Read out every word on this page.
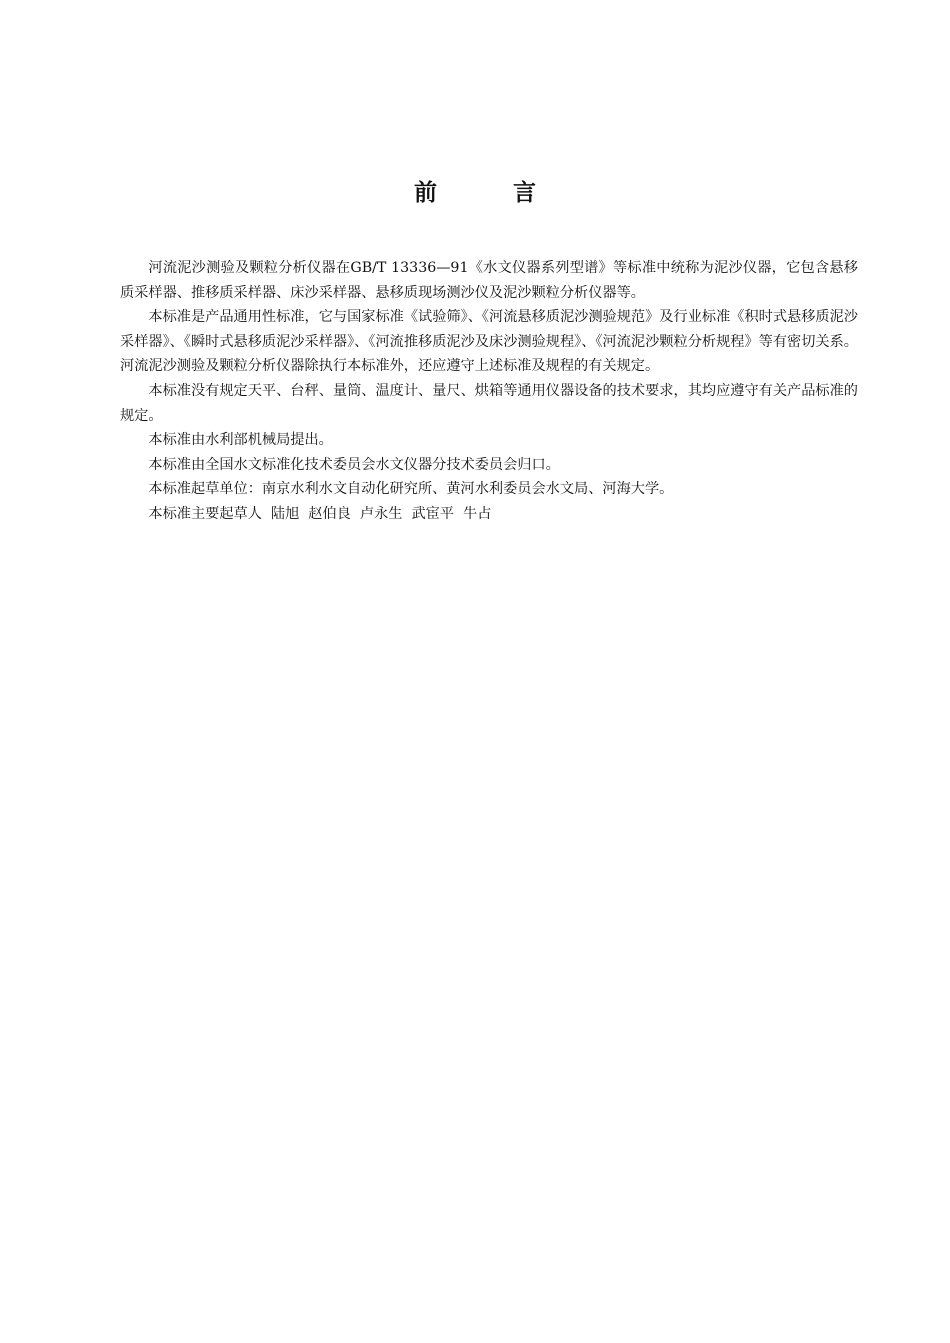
前言

河流泥沙测验及颗粒分析仪器在GB/T 13336—91《水文仪器系列型谱》等标准中统称为泥沙仪器，它包含悬移质采样器、推移质采样器、床沙采样器、悬移质现场测沙仪及泥沙颗粒分析仪器等。

本标准是产品通用性标准，它与国家标准《试验筛》、《河流悬移质泥沙测验规范》及行业标准《积时式悬移质泥沙采样器》、《瞬时式悬移质泥沙采样器》、《河流推移质泥沙及床沙测验规程》、《河流泥沙颗粒分析规程》等有密切关系。河流泥沙测验及颗粒分析仪器除执行本标准外，还应遵守上述标准及规程的有关规定。

本标准没有规定天平、台秤、量筒、温度计、量尺、烘箱等通用仪器设备的技术要求，其均应遵守有关产品标准的规定。

本标准由水利部机械局提出。

本标准由全国水文标准化技术委员会水文仪器分技术委员会归口。

本标准起草单位：南京水利水文自动化研究所、黄河水利委员会水文局、河海大学。

本标准主要起草人  陆旭  赵伯良  卢永生  武宦平  牛占
